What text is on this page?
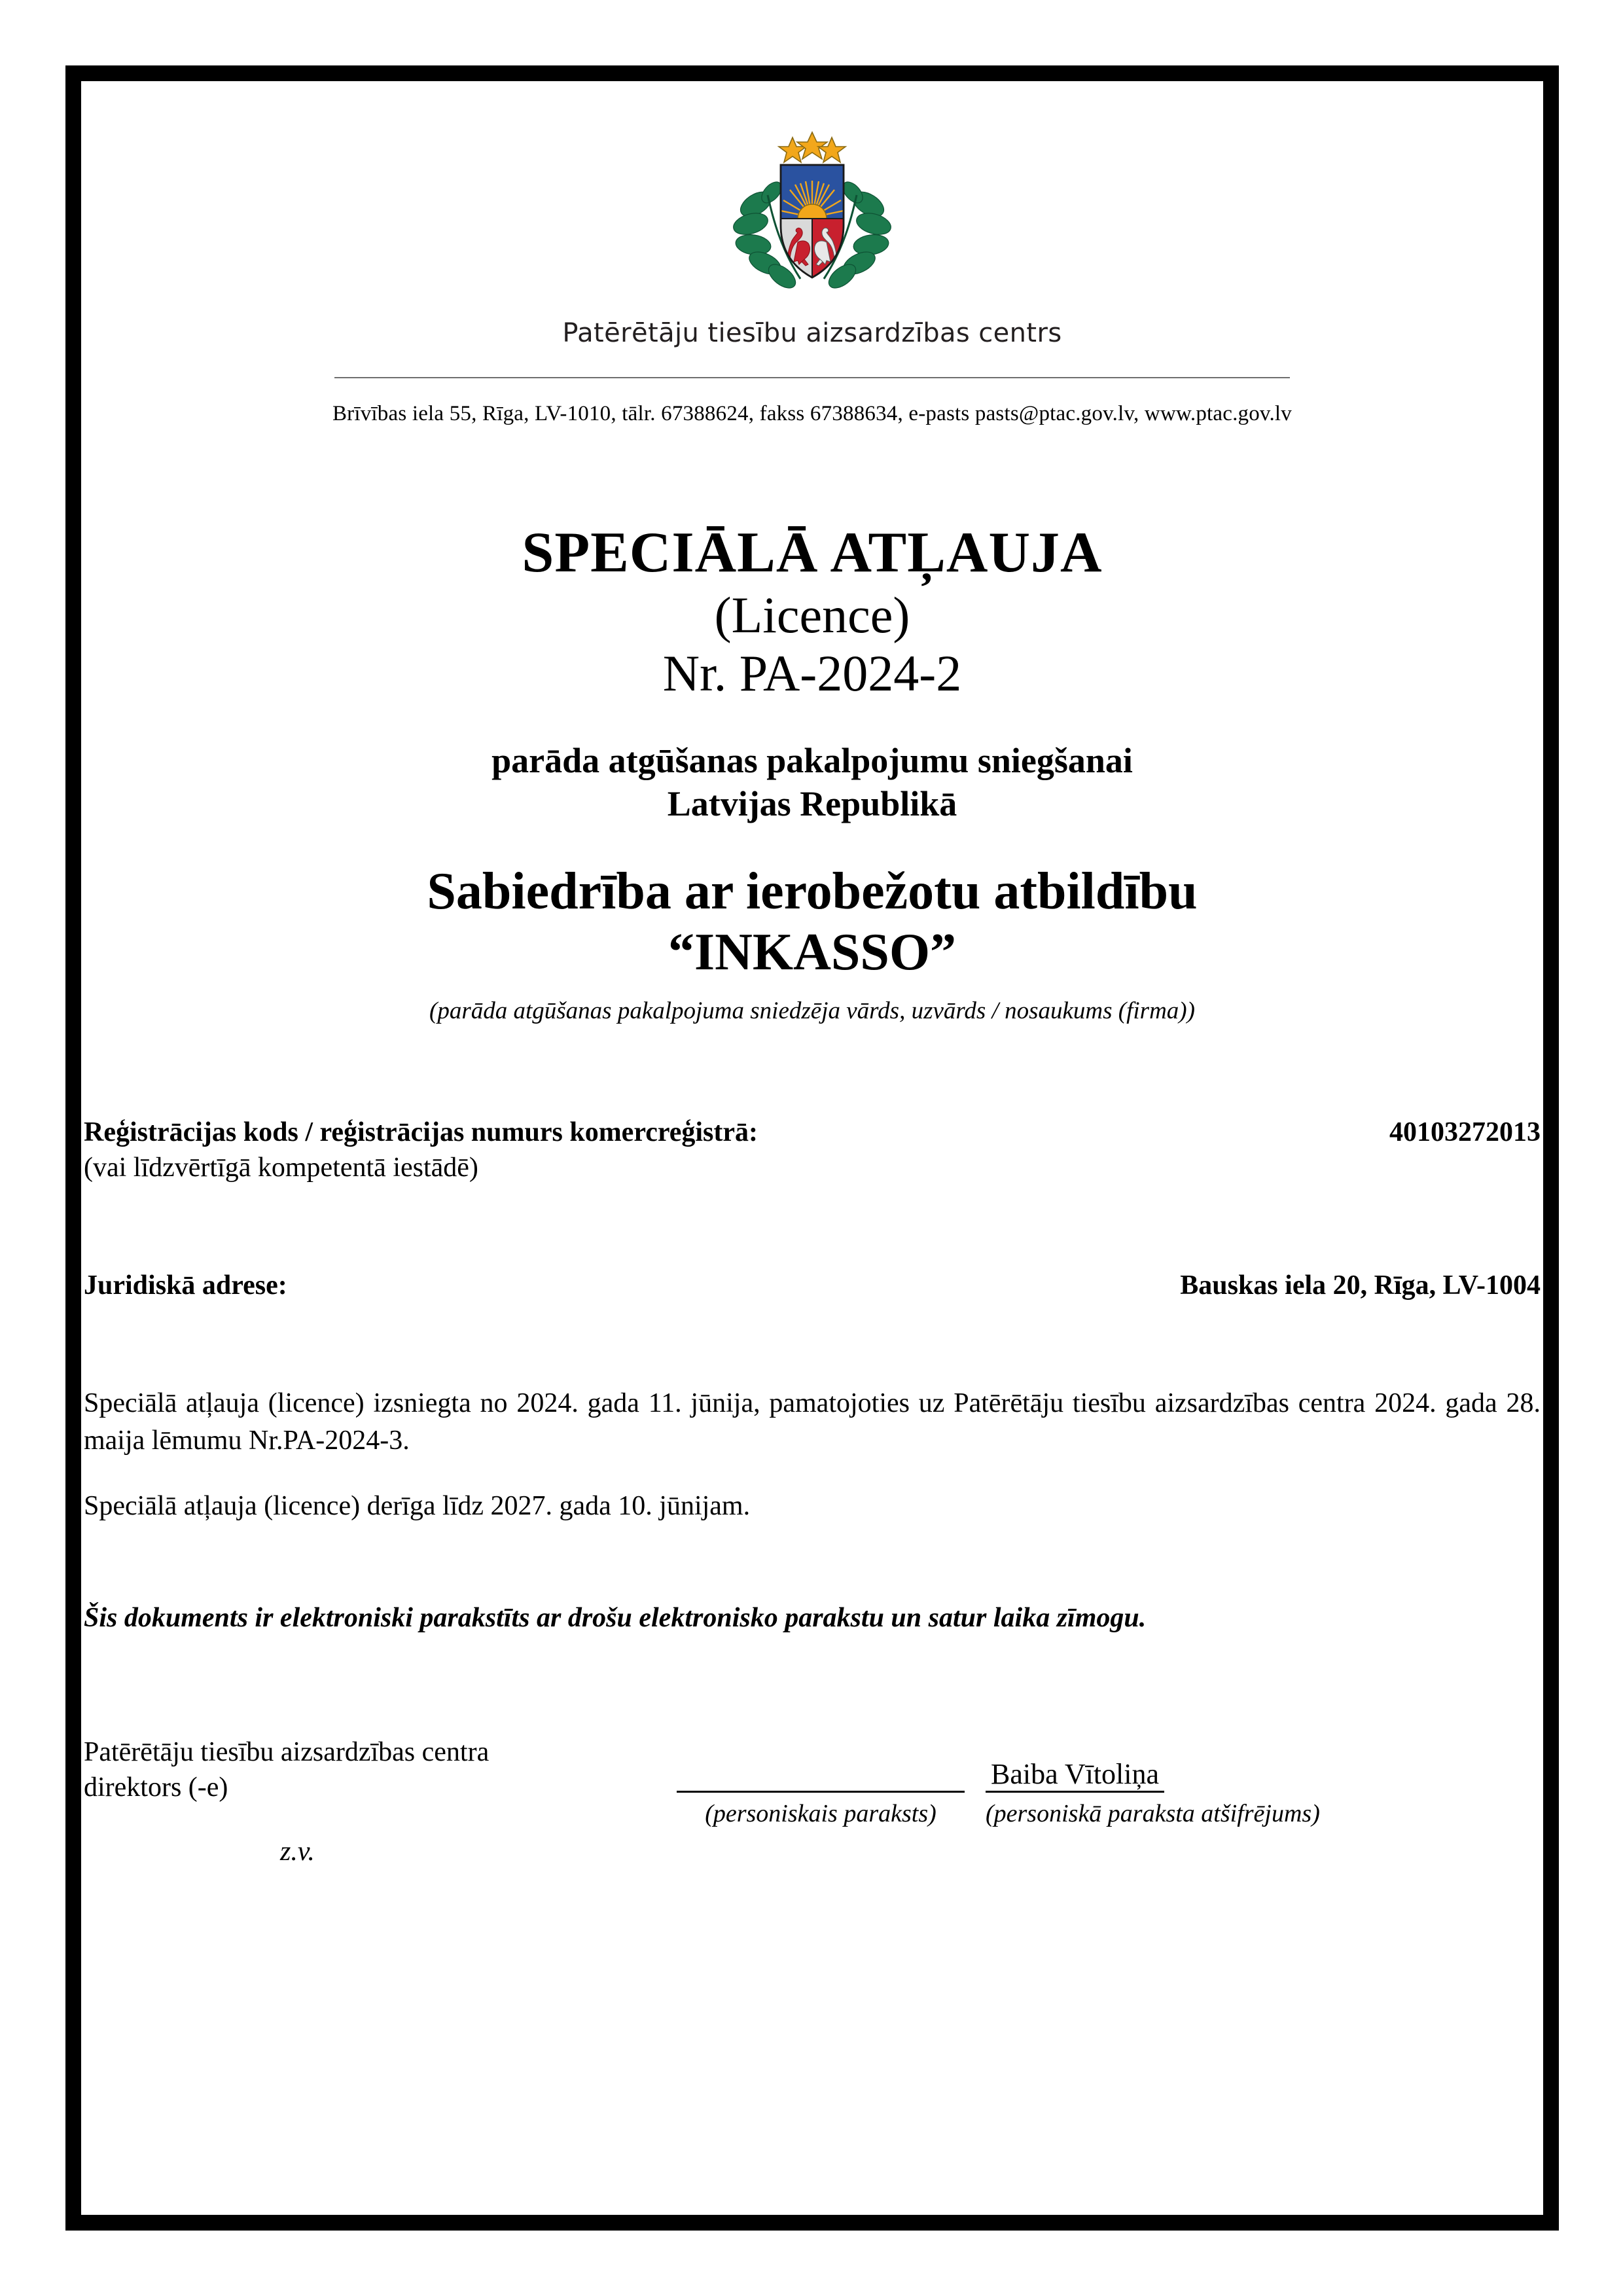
Patērētāju tiesību aizsardzības centrs
Brīvības iela 55, Rīga, LV-1010, tālr. 67388624, fakss 67388634, e-pasts pasts@ptac.gov.lv, www.ptac.gov.lv
SPECIĀLĀ ATĻAUJA
(Licence)
Nr. PA-2024-2
parāda atgūšanas pakalpojumu sniegšanai
Latvijas Republikā
Sabiedrība ar ierobežotu atbildību
“INKASSO”
(parāda atgūšanas pakalpojuma sniedzēja vārds, uzvārds / nosaukums (firma))
Reģistrācijas kods / reģistrācijas numurs komercreģistrā:	40103272013
(vai līdzvērtīgā kompetentā iestādē)
Juridiskā adrese:	Bauskas iela 20, Rīga, LV-1004
Speciālā atļauja (licence) izsniegta no 2024. gada 11. jūnija, pamatojoties uz Patērētāju tiesību aizsardzības centra 2024. gada 28. maija lēmumu Nr.PA-2024-3.
Speciālā atļauja (licence) derīga līdz 2027. gada 10. jūnijam.
Šis dokuments ir elektroniski parakstīts ar drošu elektronisko parakstu un satur laika zīmogu.
Patērētāju tiesību aizsardzības centra
direktors (-e)	Baiba Vītoliņa
(personiskais paraksts)	(personiskā paraksta atšifrējums)
z.v.
